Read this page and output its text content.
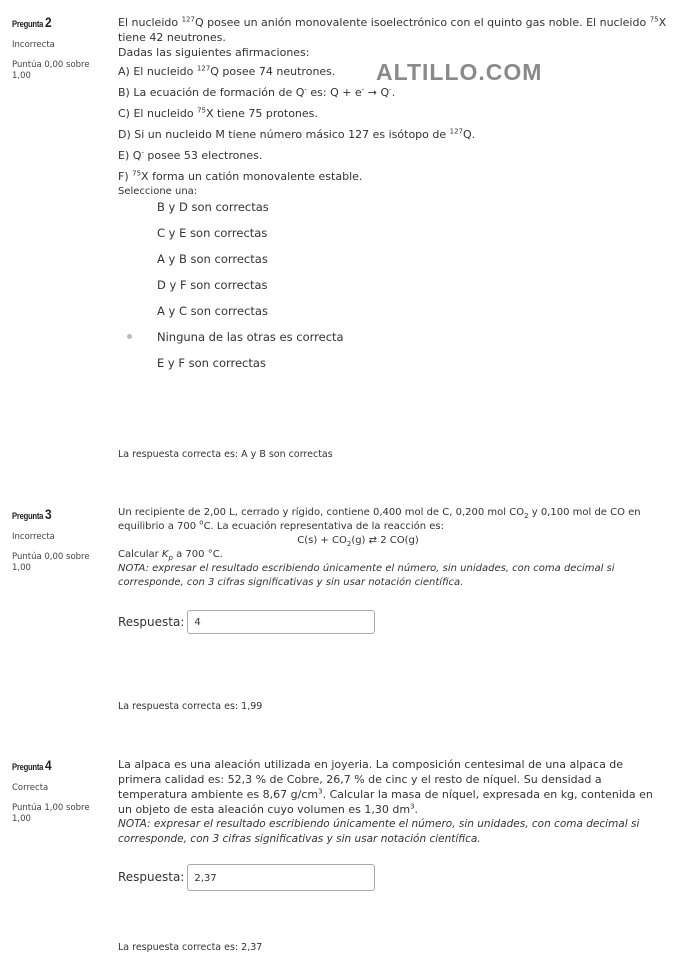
ALTILLO.COM
Pregunta 2
Incorrecta
Puntúa 0,00 sobre 1,00

El nucleido $^{127}$Q posee un anión monovalente isoelectrónico con el quinto gas noble. El nucleido $^{75}$X tiene 42 neutrones.

Dadas las siguientes afirmaciones:

A) El nucleido $^{127}$Q posee 74 neutrones.

B) La ecuación de formación de Q- es: Q + e- → Q-.

C) El nucleido $^{75}$X tiene 75 protones.

D) Si un nucleido M tiene número másico 127 es isótopo de $^{127}$Q.

E) Q- posee 53 electrones.

F) $^{75}$X forma un catión monovalente estable.

Seleccione una:

B y D son correctas
C y E son correctas
A y B son correctas
D y F son correctas
A y C son correctas
Ninguna de las otras es correcta
E y F son correctas
La respuesta correcta es: A y B son correctas
Pregunta 3
Incorrecta
Puntúa 0,00 sobre 1,00

Un recipiente de 2,00 L, cerrado y rígido, contiene 0,400 mol de C, 0,200 mol $CO_2$ y 0,100 mol de CO en equilibrio a 700 $^o$C. La ecuación representativa de la reacción es:

$C(s) + CO_2(g)$ ⇄ 2 CO(g)

Calcular $K_p$ a 700 °C.

NOTA: expresar el resultado escribiendo únicamente el número, sin unidades, con coma decimal si corresponde, con 3 cifras significativas y sin usar notación científica.

Respuesta:	4
La respuesta correcta es: 1,99
Pregunta 4
Correcta
Puntúa 1,00 sobre 1,00

La alpaca es una aleación utilizada en joyeria. La composición centesimal de una alpaca de primera calidad es: 52,3 % de Cobre, 26,7 % de cinc y el resto de níquel. Su densidad a temperatura ambiente es 8,67 $g/cm^3$. Calcular la masa de níquel, expresada en kg, contenida en un objeto de esta aleación cuyo volumen es 1,30 $dm^3$.

NOTA: expresar el resultado escribiendo únicamente el número, sin unidades, con coma decimal si corresponde, con 3 cifras significativas y sin usar notación científica.

Respuesta:	2,37
La respuesta correcta es: 2,37
